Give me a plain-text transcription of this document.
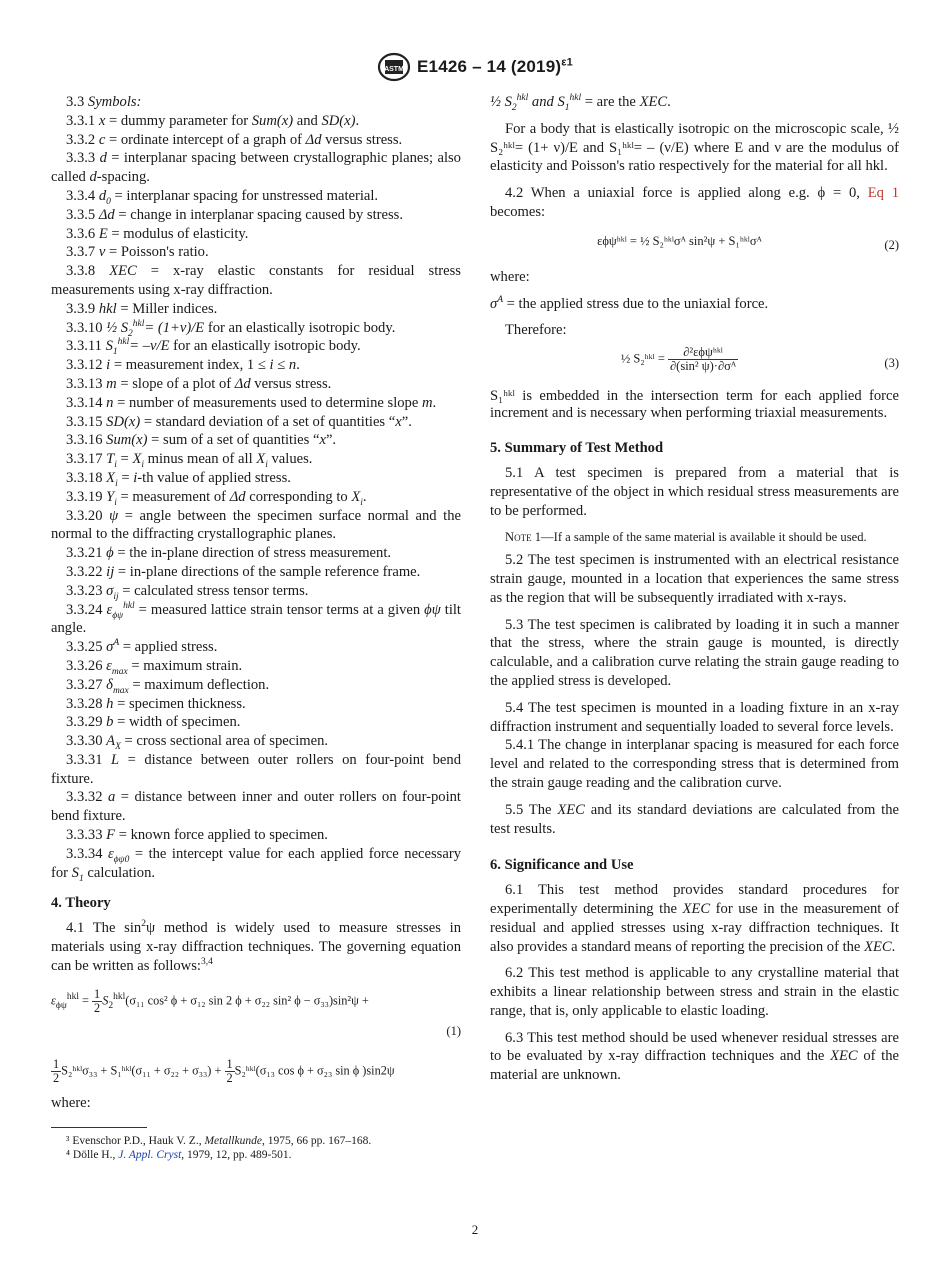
ASTM E1426 – 14 $(2019)^{\varepsilon 1}$

3.3 Symbols:

3.3.1 x = dummy parameter for Sum(x) and SD(x).

3.3.2 c = ordinate intercept of a graph of Δd versus stress.

3.3.3 d = interplanar spacing between crystallographic planes; also called d-spacing.

3.3.4 $d_0$ = interplanar spacing for unstressed material.

3.3.5 Δd = change in interplanar spacing caused by stress.

3.3.6 E = modulus of elasticity.

3.3.7 ν = Poisson's ratio.

3.3.8 XEC = x-ray elastic constants for residual stress measurements using x-ray diffraction.

3.3.9 hkl = Miller indices.

3.3.10 ½ $S_2^{hkl}= (1+\nu)/E$ for an elastically isotropic body.

3.3.11 $S_1^{hkl}= -\nu/E$ for an elastically isotropic body.

3.3.12 i = measurement index, 1 ≤ i ≤ n.

3.3.13 m = slope of a plot of Δd versus stress.

3.3.14 n = number of measurements used to determine slope m.

3.3.15 SD(x) = standard deviation of a set of quantities “x”.

3.3.16 Sum(x) = sum of a set of quantities “x”.

3.3.17 $T_i = X_i$ minus mean of all $X_i$ values.

3.3.18 $X_i = i-th$ value of applied stress.

3.3.19 $Y_i$ = measurement of Δd corresponding to $X_i$.

3.3.20 ψ = angle between the specimen surface normal and the normal to the diffracting crystallographic planes.

3.3.21 ϕ = the in-plane direction of stress measurement.

3.3.22 ij = in-plane directions of the sample reference frame.

3.3.23 $\sigma_{ij}$ = calculated stress tensor terms.

3.3.24 $\varepsilon_{\phi\psi}^{hkl}$ = measured lattice strain tensor terms at a given ϕψ tilt angle.

3.3.25 $\sigma^A$ = applied stress.

3.3.26 $\varepsilon_{max}$ = maximum strain.

3.3.27 $\delta_{max}$ = maximum deflection.

3.3.28 h = specimen thickness.

3.3.29 b = width of specimen.

3.3.30 $A_X$ = cross sectional area of specimen.

3.3.31 L = distance between outer rollers on four-point bend fixture.

3.3.32 a = distance between inner and outer rollers on four-point bend fixture.

3.3.33 F = known force applied to specimen.

3.3.34 $\varepsilon_{\phi\psi 0}$ = the intercept value for each applied force necessary for $S_1$ calculation.

4. Theory

4.1 The $\sin^2\psi$ method is widely used to measure stresses in materials using x-ray diffraction techniques. The governing equation can be written as follows:$^{3,4}$

$\varepsilon_{\phi\psi}^{hkl} = \frac{1}{2} S_2^{hkl}(\sigma_{11}$ cos² ϕ + σ₁₂ sin 2 ϕ + σ₂₂ sin² ϕ − σ₃₃)sin²ψ +
(1)
$\frac{1}{2}$ S₂ʰᵏˡσ₃₃ + S₁ʰᵏˡ(σ₁₁ + $\sigma_{22} + \sigma_{33}) + \frac{1}{2}$ S₂ʰᵏˡ(σ₁₃ cos ϕ + σ₂₃ sin ϕ )sin2ψ

where:

³ Evenschor P.D., Hauk V. Z., Metallkunde, 1975, 66 pp. 167–168.

⁴ Dölle H., J. Appl. Cryst, 1979, 12, pp. 489-501.

½ $S_2^{hkl}$ and $S_1^{hkl}$ = are the XEC.

For a body that is elastically isotropic on the microscopic scale, ½ S₂ʰᵏˡ= (1+ ν)/E and S₁ʰᵏˡ= – (ν/E) where E and ν are the modulus of elasticity and Poisson's ratio respectively for the material for all hkl.

4.2 When a uniaxial force is applied along e.g. ϕ = 0, Eq 1 becomes:

εϕψʰᵏˡ = ½ S₂ʰᵏˡσᴬ sin²ψ + S₁ʰᵏˡσᴬ	(2)

where:

$\sigma^A$ = the applied stress due to the uniaxial force.

Therefore:

½ S₂ʰᵏˡ = $\frac{\text{∂²εϕψʰᵏˡ}}{\text{∂(sin² ψ)·∂σᴬ}}$	(3)

S₁ʰᵏˡ is embedded in the intersection term for each applied force increment and is necessary when performing triaxial measurements.

5. Summary of Test Method

5.1 A test specimen is prepared from a material that is representative of the object in which residual stress measurements are to be performed.

Note 1—If a sample of the same material is available it should be used.

5.2 The test specimen is instrumented with an electrical resistance strain gauge, mounted in a location that experiences the same stress as the region that will be subsequently irradiated with x-rays.

5.3 The test specimen is calibrated by loading it in such a manner that the stress, where the strain gauge is mounted, is directly calculable, and a calibration curve relating the strain gauge reading to the applied stress is developed.

5.4 The test specimen is mounted in a loading fixture in an x-ray diffraction instrument and sequentially loaded to several force levels.

5.4.1 The change in interplanar spacing is measured for each force level and related to the corresponding stress that is determined from the strain gauge reading and the calibration curve.

5.5 The XEC and its standard deviations are calculated from the test results.

6. Significance and Use

6.1 This test method provides standard procedures for experimentally determining the XEC for use in the measurement of residual and applied stresses using x-ray diffraction techniques. It also provides a standard means of reporting the precision of the XEC.

6.2 This test method is applicable to any crystalline material that exhibits a linear relationship between stress and strain in the elastic range, that is, only applicable to elastic loading.

6.3 This test method should be used whenever residual stresses are to be evaluated by x-ray diffraction techniques and the XEC of the material are unknown.

2
